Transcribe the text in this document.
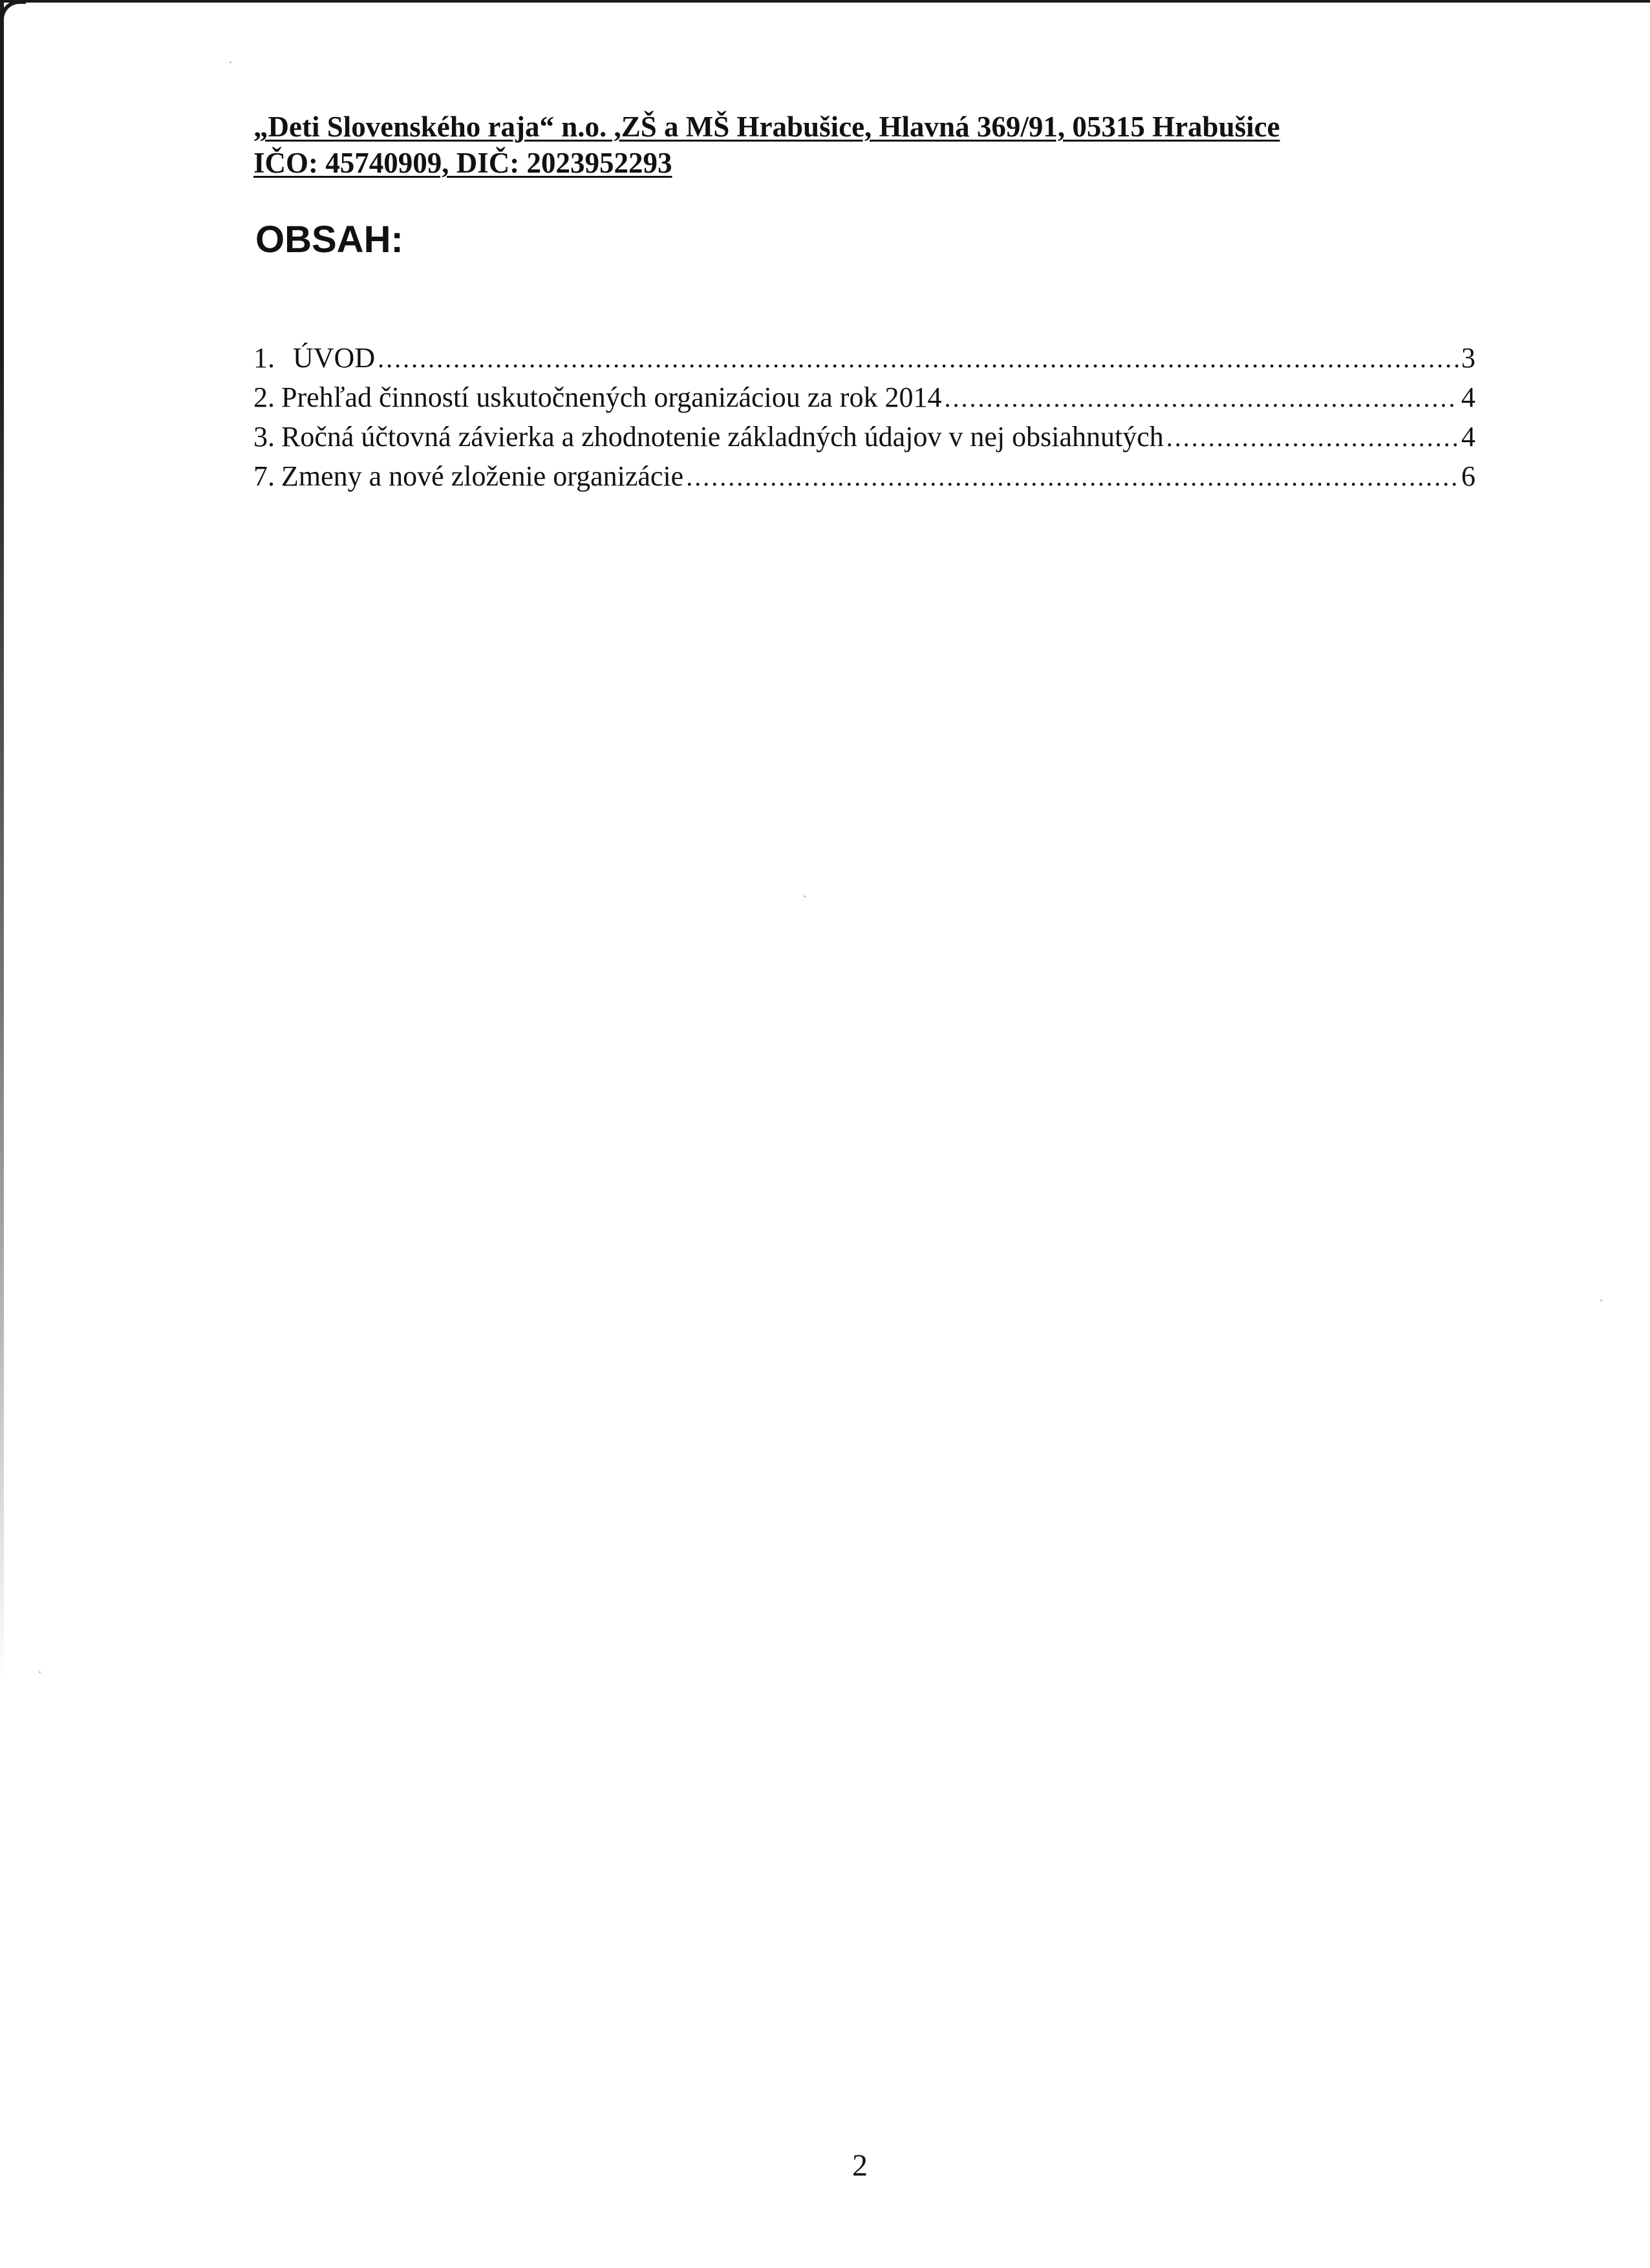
„Deti Slovenského raja“ n.o. ,ZŠ a MŠ Hrabušice, Hlavná 369/91, 05315 Hrabušice
IČO: 45740909, DIČ: 2023952293
OBSAH:
1. ÚVOD .....	3
2. Prehľad činností uskutočnených organizáciou za rok 2014 .....	4
3. Ročná účtovná závierka a zhodnotenie základných údajov v nej obsiahnutých .....	4
7. Zmeny a nové zloženie organizácie .....	6
2
